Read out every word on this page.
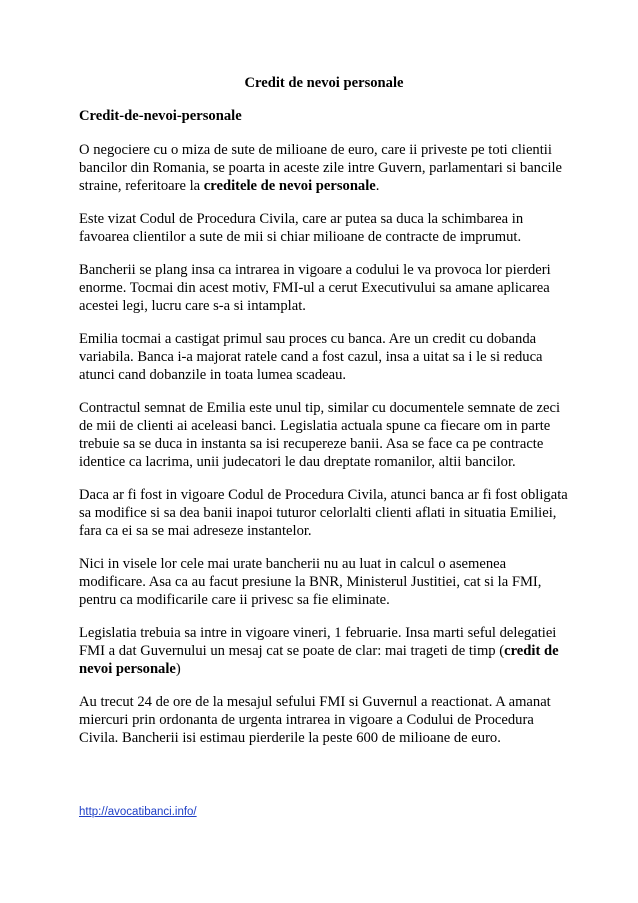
Credit de nevoi personale
Credit-de-nevoi-personale

O negociere cu o miza de sute de milioane de euro, care ii priveste pe toti clientii bancilor din Romania, se poarta in aceste zile intre Guvern, parlamentari si bancile straine, referitoare la creditele de nevoi personale.

Este vizat Codul de Procedura Civila, care ar putea sa duca la schimbarea in favoarea clientilor a sute de mii si chiar milioane de contracte de imprumut.

Bancherii se plang insa ca intrarea in vigoare a codului le va provoca lor pierderi enorme. Tocmai din acest motiv, FMI-ul a cerut Executivului sa amane aplicarea acestei legi, lucru care s-a si intamplat.

Emilia tocmai a castigat primul sau proces cu banca. Are un credit cu dobanda variabila. Banca i-a majorat ratele cand a fost cazul, insa a uitat sa i le si reduca atunci cand dobanzile in toata lumea scadeau.

Contractul semnat de Emilia este unul tip, similar cu documentele semnate de zeci de mii de clienti ai aceleasi banci. Legislatia actuala spune ca fiecare om in parte trebuie sa se duca in instanta sa isi recupereze banii. Asa se face ca pe contracte identice ca lacrima, unii judecatori le dau dreptate romanilor, altii bancilor.

Daca ar fi fost in vigoare Codul de Procedura Civila, atunci banca ar fi fost obligata sa modifice si sa dea banii inapoi tuturor celorlalti clienti aflati in situatia Emiliei, fara ca ei sa se mai adreseze instantelor.

Nici in visele lor cele mai urate bancherii nu au luat in calcul o asemenea modificare. Asa ca au facut presiune la BNR, Ministerul Justitiei, cat si la FMI, pentru ca modificarile care ii privesc sa fie eliminate.

Legislatia trebuia sa intre in vigoare vineri, 1 februarie. Insa marti seful delegatiei FMI a dat Guvernului un mesaj cat se poate de clar: mai trageti de timp (credit de nevoi personale)

Au trecut 24 de ore de la mesajul sefului FMI si Guvernul a reactionat. A amanat miercuri prin ordonanta de urgenta intrarea in vigoare a Codului de Procedura Civila. Bancherii isi estimau pierderile la peste 600 de milioane de euro.

http://avocatibanci.info/
